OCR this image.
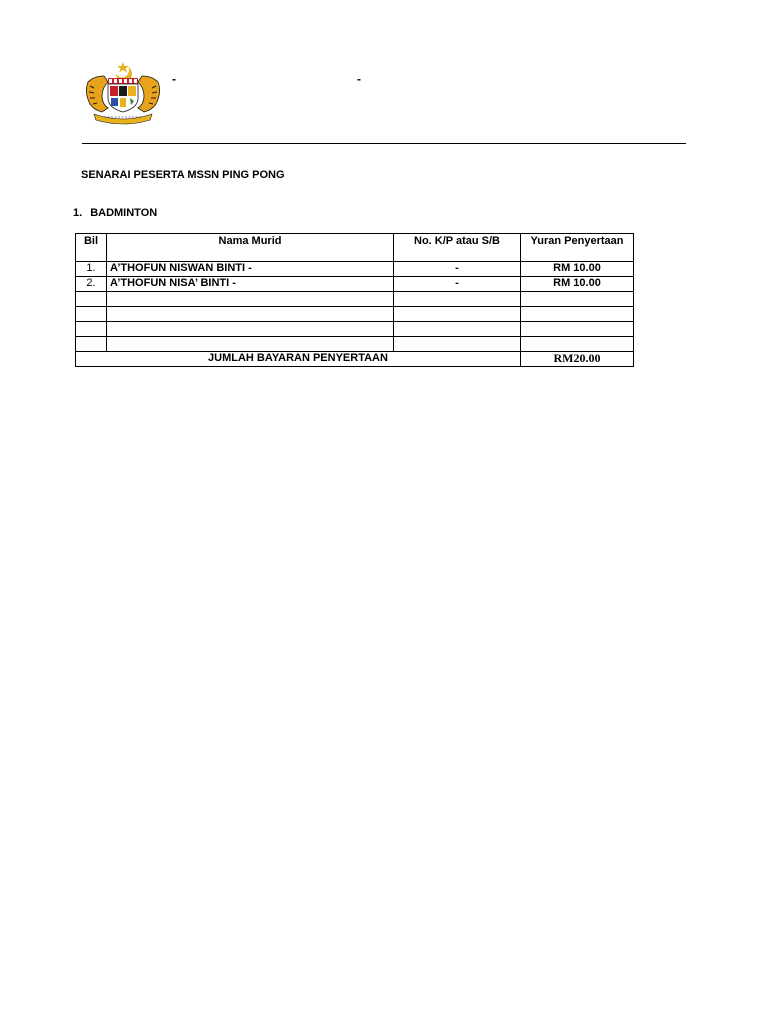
-	-
SENARAI PESERTA MSSN PING PONG
1. BADMINTON
Bil	Nama Murid	No. K/P atau S/B	Yuran Penyertaan
1.	A’THOFUN NISWAN BINTI -	-	RM 10.00
2.	A’THOFUN NISA’ BINTI -	-	RM 10.00

JUMLAH BAYARAN PENYERTAAN			RM20.00
